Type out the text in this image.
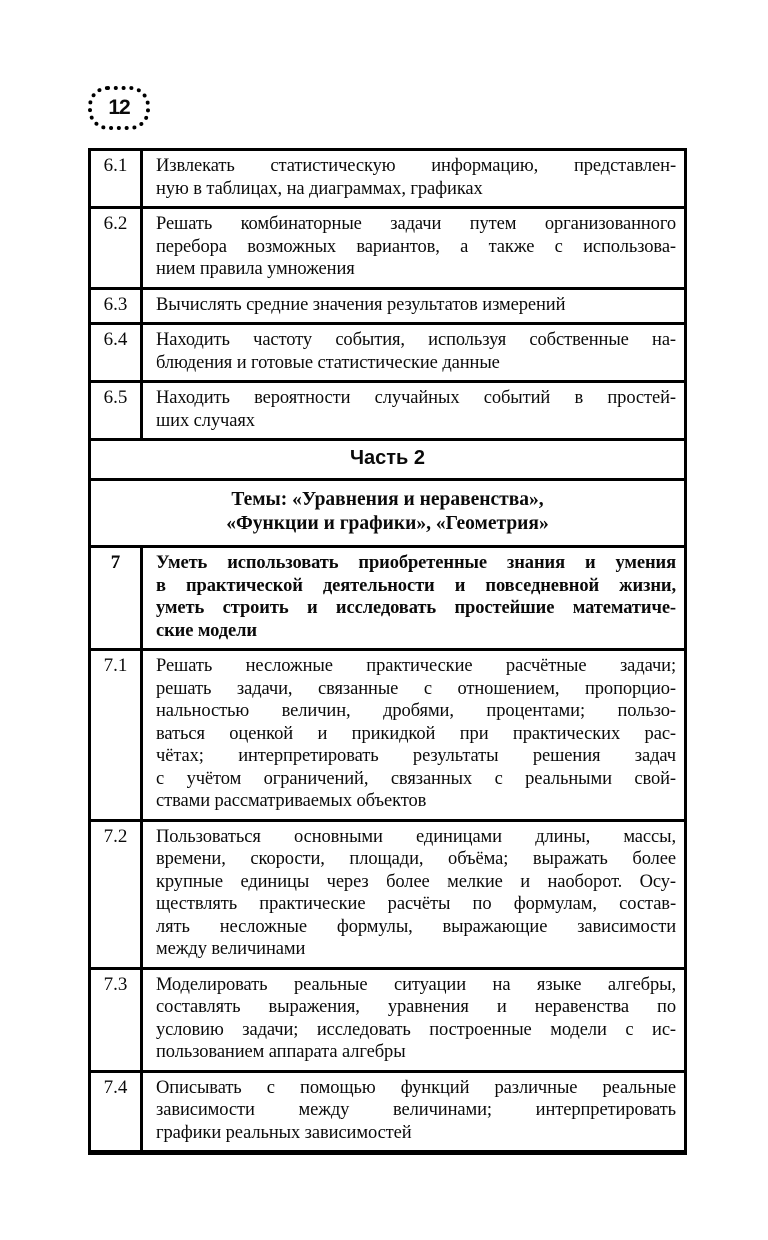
12
6.1	Извлекать статистическую информацию, представлен-
ную в таблицах, на диаграммах, графиках
6.2	Решать комбинаторные задачи путем организованного
перебора возможных вариантов, а также с использова-
нием правила умножения
6.3	Вычислять средние значения результатов измерений
6.4	Находить частоту события, используя собственные на-
блюдения и готовые статистические данные
6.5	Находить вероятности случайных событий в простей-
ших случаях
Часть 2
Темы: «Уравнения и неравенства»,
«Функции и графики», «Геометрия»
7	Уметь использовать приобретенные знания и умения
в практической деятельности и повседневной жизни,
уметь строить и исследовать простейшие математиче-
ские модели
7.1	Решать несложные практические расчётные задачи;
решать задачи, связанные с отношением, пропорцио-
нальностью величин, дробями, процентами; пользо-
ваться оценкой и прикидкой при практических рас-
чётах; интерпретировать результаты решения задач
с учётом ограничений, связанных с реальными свой-
ствами рассматриваемых объектов
7.2	Пользоваться основными единицами длины, массы,
времени, скорости, площади, объёма; выражать более
крупные единицы через более мелкие и наоборот. Осу-
ществлять практические расчёты по формулам, состав-
лять несложные формулы, выражающие зависимости
между величинами
7.3	Моделировать реальные ситуации на языке алгебры,
составлять выражения, уравнения и неравенства по
условию задачи; исследовать построенные модели с ис-
пользованием аппарата алгебры
7.4	Описывать с помощью функций различные реальные
зависимости между величинами; интерпретировать
графики реальных зависимостей
